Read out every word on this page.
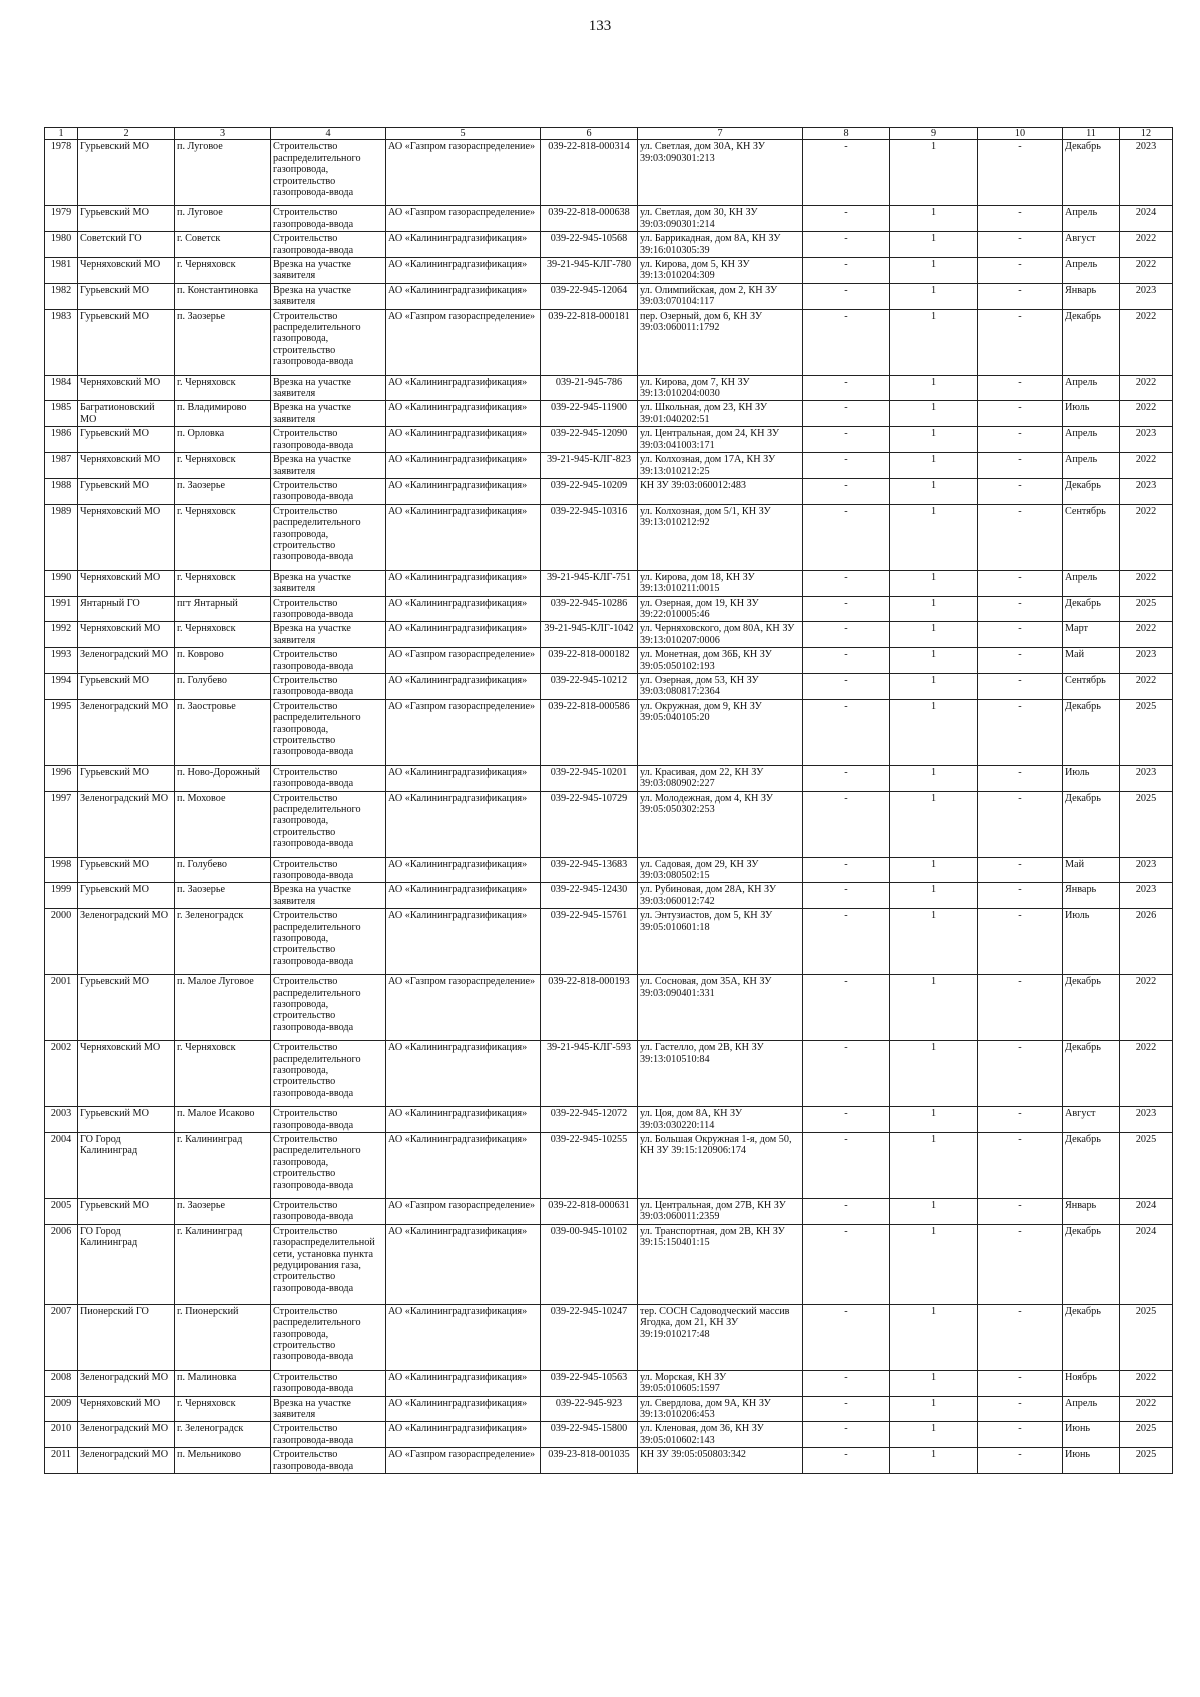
133
1	2	3	4	5	6	7	8	9	10	11	12
1978	Гурьевский МО	п. Луговое	Строительство распределительного газопровода, строительство газопровода-ввода	АО «Газпром газораспределение»	039-22-818-000314	ул. Светлая, дом 30А, КН ЗУ 39:03:090301:213	-	1	-	Декабрь	2023
1979	Гурьевский МО	п. Луговое	Строительство газопровода-ввода	АО «Газпром газораспределение»	039-22-818-000638	ул. Светлая, дом 30, КН ЗУ 39:03:090301:214	-	1	-	Апрель	2024
1980	Советский ГО	г. Советск	Строительство газопровода-ввода	АО «Калининградгазификация»	039-22-945-10568	ул. Баррикадная, дом 8А, КН ЗУ 39:16:010305:39	-	1	-	Август	2022
1981	Черняховский МО	г. Черняховск	Врезка на участке заявителя	АО «Калининградгазификация»	39-21-945-КЛГ-780	ул. Кирова, дом 5, КН ЗУ 39:13:010204:309	-	1	-	Апрель	2022
1982	Гурьевский МО	п. Константиновка	Врезка на участке заявителя	АО «Калининградгазификация»	039-22-945-12064	ул. Олимпийская, дом 2, КН ЗУ 39:03:070104:117	-	1	-	Январь	2023
1983	Гурьевский МО	п. Заозерье	Строительство распределительного газопровода, строительство газопровода-ввода	АО «Газпром газораспределение»	039-22-818-000181	пер. Озерный, дом 6, КН ЗУ 39:03:060011:1792	-	1	-	Декабрь	2022
1984	Черняховский МО	г. Черняховск	Врезка на участке заявителя	АО «Калининградгазификация»	039-21-945-786	ул. Кирова, дом 7, КН ЗУ 39:13:010204:0030	-	1	-	Апрель	2022
1985	Багратионовский МО	п. Владимирово	Врезка на участке заявителя	АО «Калининградгазификация»	039-22-945-11900	ул. Школьная, дом 23, КН ЗУ 39:01:040202:51	-	1	-	Июль	2022
1986	Гурьевский МО	п. Орловка	Строительство газопровода-ввода	АО «Калининградгазификация»	039-22-945-12090	ул. Центральная, дом 24, КН ЗУ 39:03:041003:171	-	1	-	Апрель	2023
1987	Черняховский МО	г. Черняховск	Врезка на участке заявителя	АО «Калининградгазификация»	39-21-945-КЛГ-823	ул. Колхозная, дом 17А, КН ЗУ 39:13:010212:25	-	1	-	Апрель	2022
1988	Гурьевский МО	п. Заозерье	Строительство газопровода-ввода	АО «Калининградгазификация»	039-22-945-10209	КН ЗУ 39:03:060012:483	-	1	-	Декабрь	2023
1989	Черняховский МО	г. Черняховск	Строительство распределительного газопровода, строительство газопровода-ввода	АО «Калининградгазификация»	039-22-945-10316	ул. Колхозная, дом 5/1, КН ЗУ 39:13:010212:92	-	1	-	Сентябрь	2022
1990	Черняховский МО	г. Черняховск	Врезка на участке заявителя	АО «Калининградгазификация»	39-21-945-КЛГ-751	ул. Кирова, дом 18, КН ЗУ 39:13:010211:0015	-	1	-	Апрель	2022
1991	Янтарный ГО	пгт Янтарный	Строительство газопровода-ввода	АО «Калининградгазификация»	039-22-945-10286	ул. Озерная, дом 19, КН ЗУ 39:22:010005:46	-	1	-	Декабрь	2025
1992	Черняховский МО	г. Черняховск	Врезка на участке заявителя	АО «Калининградгазификация»	39-21-945-КЛГ-1042	ул. Черняховского, дом 80А, КН ЗУ 39:13:010207:0006	-	1	-	Март	2022
1993	Зеленоградский МО	п. Коврово	Строительство газопровода-ввода	АО «Газпром газораспределение»	039-22-818-000182	ул. Монетная, дом 36Б, КН ЗУ 39:05:050102:193	-	1	-	Май	2023
1994	Гурьевский МО	п. Голубево	Строительство газопровода-ввода	АО «Калининградгазификация»	039-22-945-10212	ул. Озерная, дом 53, КН ЗУ 39:03:080817:2364	-	1	-	Сентябрь	2022
1995	Зеленоградский МО	п. Заостровье	Строительство распределительного газопровода, строительство газопровода-ввода	АО «Газпром газораспределение»	039-22-818-000586	ул. Окружная, дом 9, КН ЗУ 39:05:040105:20	-	1	-	Декабрь	2025
1996	Гурьевский МО	п. Ново-Дорожный	Строительство газопровода-ввода	АО «Калининградгазификация»	039-22-945-10201	ул. Красивая, дом 22, КН ЗУ 39:03:080902:227	-	1	-	Июль	2023
1997	Зеленоградский МО	п. Моховое	Строительство распределительного газопровода, строительство газопровода-ввода	АО «Калининградгазификация»	039-22-945-10729	ул. Молодежная, дом 4, КН ЗУ 39:05:050302:253	-	1	-	Декабрь	2025
1998	Гурьевский МО	п. Голубево	Строительство газопровода-ввода	АО «Калининградгазификация»	039-22-945-13683	ул. Садовая, дом 29, КН ЗУ 39:03:080502:15	-	1	-	Май	2023
1999	Гурьевский МО	п. Заозерье	Врезка на участке заявителя	АО «Калининградгазификация»	039-22-945-12430	ул. Рубиновая, дом 28А, КН ЗУ 39:03:060012:742	-	1	-	Январь	2023
2000	Зеленоградский МО	г. Зеленоградск	Строительство распределительного газопровода, строительство газопровода-ввода	АО «Калининградгазификация»	039-22-945-15761	ул. Энтузиастов, дом 5, КН ЗУ 39:05:010601:18	-	1	-	Июль	2026
2001	Гурьевский МО	п. Малое Луговое	Строительство распределительного газопровода, строительство газопровода-ввода	АО «Газпром газораспределение»	039-22-818-000193	ул. Сосновая, дом 35А, КН ЗУ 39:03:090401:331	-	1	-	Декабрь	2022
2002	Черняховский МО	г. Черняховск	Строительство распределительного газопровода, строительство газопровода-ввода	АО «Калининградгазификация»	39-21-945-КЛГ-593	ул. Гастелло, дом 2В, КН ЗУ 39:13:010510:84	-	1	-	Декабрь	2022
2003	Гурьевский МО	п. Малое Исаково	Строительство газопровода-ввода	АО «Калининградгазификация»	039-22-945-12072	ул. Цоя, дом 8А, КН ЗУ 39:03:030220:114	-	1	-	Август	2023
2004	ГО Город Калининград	г. Калининград	Строительство распределительного газопровода, строительство газопровода-ввода	АО «Калининградгазификация»	039-22-945-10255	ул. Большая Окружная 1-я, дом 50, КН ЗУ 39:15:120906:174	-	1	-	Декабрь	2025
2005	Гурьевский МО	п. Заозерье	Строительство газопровода-ввода	АО «Газпром газораспределение»	039-22-818-000631	ул. Центральная, дом 27В, КН ЗУ 39:03:060011:2359	-	1	-	Январь	2024
2006	ГО Город Калининград	г. Калининград	Строительство газораспределительной сети, установка пункта редуцирования газа, строительство газопровода-ввода	АО «Калининградгазификация»	039-00-945-10102	ул. Транспортная, дом 2В, КН ЗУ 39:15:150401:15	-	1	-	Декабрь	2024
2007	Пионерский ГО	г. Пионерский	Строительство распределительного газопровода, строительство газопровода-ввода	АО «Калининградгазификация»	039-22-945-10247	тер. СОСН Садоводческий массив Ягодка, дом 21, КН ЗУ 39:19:010217:48	-	1	-	Декабрь	2025
2008	Зеленоградский МО	п. Малиновка	Строительство газопровода-ввода	АО «Калининградгазификация»	039-22-945-10563	ул. Морская, КН ЗУ 39:05:010605:1597	-	1	-	Ноябрь	2022
2009	Черняховский МО	г. Черняховск	Врезка на участке заявителя	АО «Калининградгазификация»	039-22-945-923	ул. Свердлова, дом 9А, КН ЗУ 39:13:010206:453	-	1	-	Апрель	2022
2010	Зеленоградский МО	г. Зеленоградск	Строительство газопровода-ввода	АО «Калининградгазификация»	039-22-945-15800	ул. Кленовая, дом 36, КН ЗУ 39:05:010602:143	-	1	-	Июнь	2025
2011	Зеленоградский МО	п. Мельниково	Строительство газопровода-ввода	АО «Газпром газораспределение»	039-23-818-001035	КН ЗУ 39:05:050803:342	-	1	-	Июнь	2025
